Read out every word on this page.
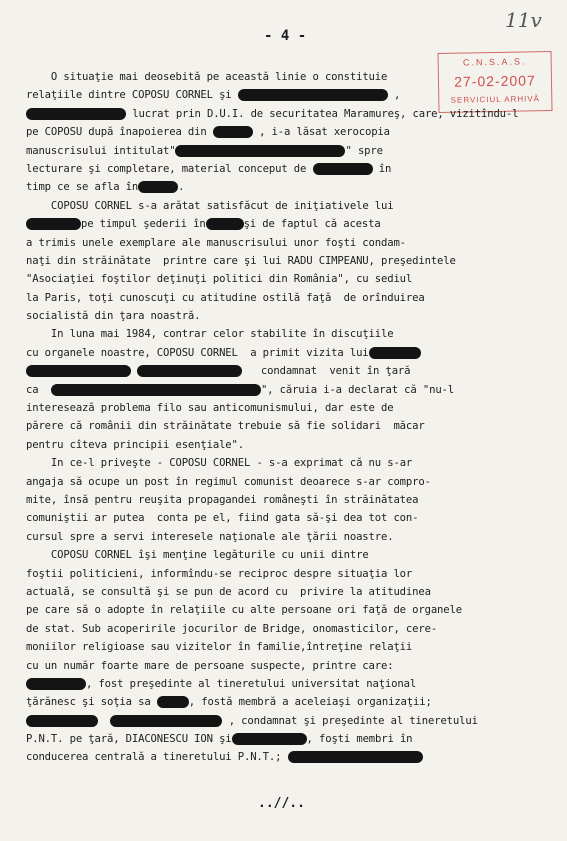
- 4 -
11v
C.N.S.A.S.
27-02-2007
SERVICIUL ARHIVĂ
O situaţie mai deosebită pe această linie o constituie
relaţiile dintre COPOSU CORNEL şi	,
lucrat prin D.U.I. de securitatea Maramureş, care, vizitîndu-l
pe COPOSU după înapoierea din	, i-a lăsat xerocopia
manuscrisului intitulat"	" spre
lecturare şi completare, material conceput de	în
timp ce se afla în	.
COPOSU CORNEL s-a arătat satisfăcut de iniţiativele lui
pe timpul şederii în	şi de faptul că acesta
a trimis unele exemplare ale manuscrisului unor foşti condam-
naţi din străinătate  printre care şi lui RADU CIMPEANU, preşedintele
"Asociaţiei foştilor deţinuţi politici din România", cu sediul
la Paris, toţi cunoscuţi cu atitudine ostilă faţă  de orînduirea
socialistă din ţara noastră.
In luna mai 1984, contrar celor stabilite în discuţiile
cu organele noastre, COPOSU CORNEL  a primit vizita lui
condamnat  venit în ţară
ca	", căruia i-a declarat că "nu-l
interesează problema filo sau anticomunismului, dar este de
părere că românii din străinătate trebuie să fie solidari  măcar
pentru cîteva principii esenţiale".
In ce-l priveşte - COPOSU CORNEL - s-a exprimat că nu s-ar
angaja să ocupe un post în regimul comunist deoarece s-ar compro-
mite, însă pentru reuşita propagandei româneşti în străinătatea
comuniştii ar putea  conta pe el, fiind gata să-şi dea tot con-
cursul spre a servi interesele naţionale ale ţării noastre.
COPOSU CORNEL îşi menţine legăturile cu unii dintre
foştii politicieni, informîndu-se reciproc despre situaţia lor
actuală, se consultă şi se pun de acord cu  privire la atitudinea
pe care să o adopte în relaţiile cu alte persoane ori faţă de organele
de stat. Sub acoperirile jocurilor de Bridge, onomasticilor, cere-
moniilor religioase sau vizitelor în familie,întreţine relaţii
cu un număr foarte mare de persoane suspecte, printre care:
, fost preşedinte al tineretului universitat naţional
ţărănesc şi soţia sa	, fostă membră a aceleiaşi organizaţii;
, condamnat şi preşedinte al tineretului
P.N.T. pe ţară, DIACONESCU ION şi	, foşti membri în
conducerea centrală a tineretului P.N.T.;
..//..
